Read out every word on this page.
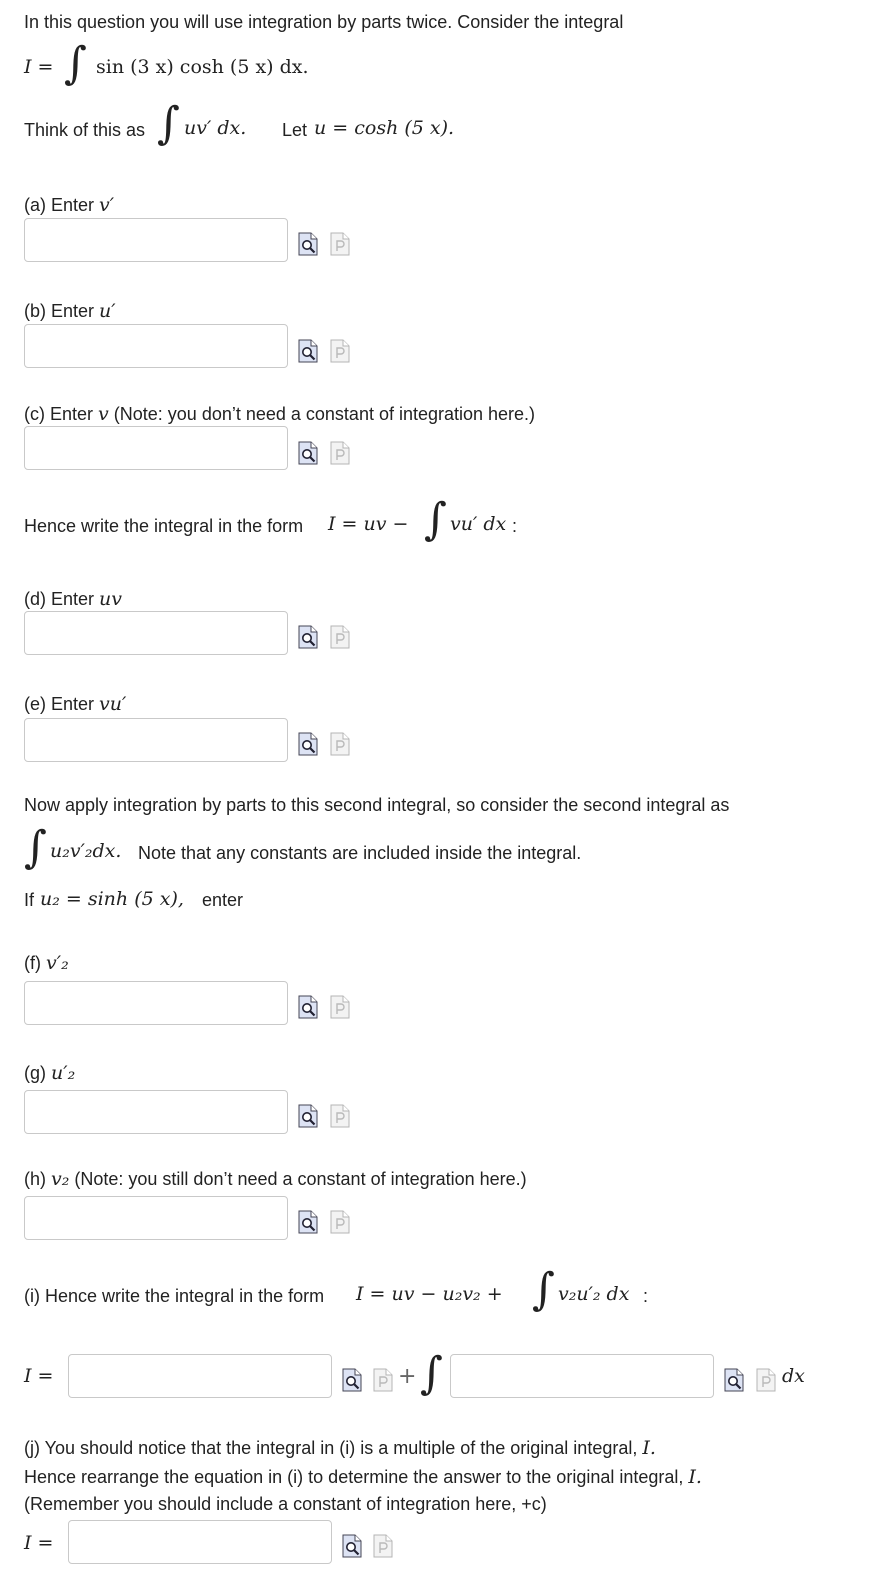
In this question you will use integration by parts twice. Consider the integral
I = ∫ sin (3 x) cosh (5 x) dx.
Think of this as ∫ uv′ dx. Let u = cosh (5 x).
(a) Enter v′
(b) Enter u′
(c) Enter v (Note: you don’t need a constant of integration here.)
Hence write the integral in the form I = uv − ∫ vu′ dx :
(d) Enter uv
(e) Enter vu′
Now apply integration by parts to this second integral, so consider the second integral as
∫ u₂v′₂dx. Note that any constants are included inside the integral.
If u₂ = sinh (5 x), enter
(f) v′₂
(g) u′₂
(h) v₂ (Note: you still don’t need a constant of integration here.)
(i) Hence write the integral in the form I = uv − u₂v₂ + ∫ v₂u′₂ dx :
I =	+ ∫	dx
(j) You should notice that the integral in (i) is a multiple of the original integral, I.
Hence rearrange the equation in (i) to determine the answer to the original integral, I.
(Remember you should include a constant of integration here, +c)
I =
